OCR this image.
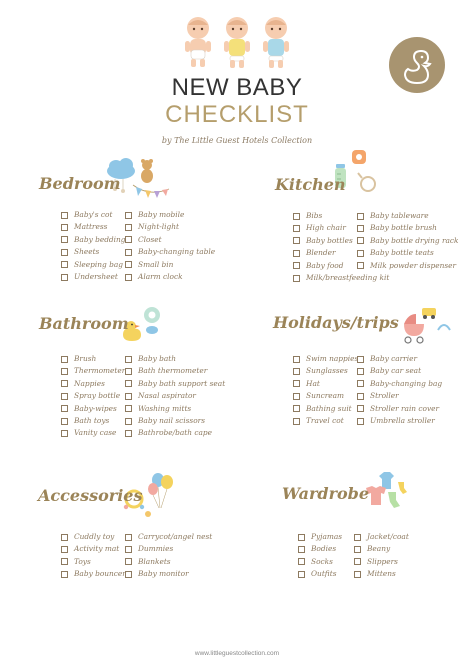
NEW BABY
CHECKLIST
by The Little Guest Hotels Collection
Bedroom
Baby's cot
Mattress
Baby bedding
Sheets
Sleeping bag
Undersheet
Baby mobile
Night-light
Closet
Baby-changing table
Small bin
Alarm clock
Kitchen
Bibs
High chair
Baby bottles
Blender
Baby food
Milk/breastfeeding kit
Baby tableware
Baby bottle brush
Baby bottle drying rack
Baby bottle teats
Milk powder dispenser
Bathroom
Brush
Thermometer
Nappies
Spray bottle
Baby-wipes
Bath toys
Vanity case
Baby bath
Bath thermometer
Baby bath support seat
Nasal aspirator
Washing mitts
Baby nail scissors
Bathrobe/bath cape
Holidays/trips
Swim nappies
Sunglasses
Hat
Suncream
Bathing suit
Travel cot
Baby carrier
Baby car seat
Baby-changing bag
Stroller
Stroller rain cover
Umbrella stroller
Accessories
Cuddly toy
Activity mat
Toys
Baby bouncer
Carrycot/angel nest
Dummies
Blankets
Baby monitor
Wardrobe
Pyjamas
Bodies
Socks
Outfits
Jacket/coat
Beany
Slippers
Mittens
www.littleguestcollection.com
